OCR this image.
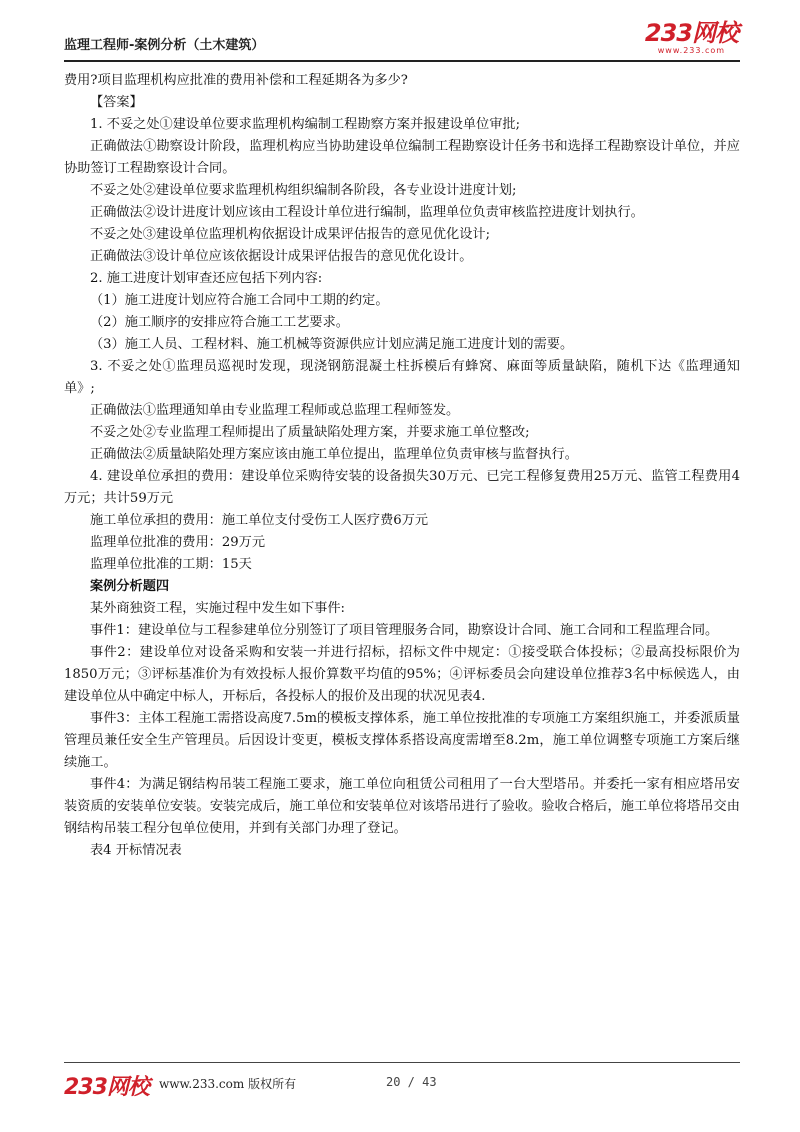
监理工程师-案例分析（土木建筑）	233网校
www.233.com

费用?项目监理机构应批准的费用补偿和工程延期各为多少?

【答案】

1. 不妥之处①建设单位要求监理机构编制工程勘察方案并报建设单位审批;

正确做法①勘察设计阶段，监理机构应当协助建设单位编制工程勘察设计任务书和选择工程勘察设计单位，并应协助签订工程勘察设计合同。

不妥之处②建设单位要求监理机构组织编制各阶段，各专业设计进度计划;

正确做法②设计进度计划应该由工程设计单位进行编制，监理单位负责审核监控进度计划执行。

不妥之处③建设单位监理机构依据设计成果评估报告的意见优化设计;

正确做法③设计单位应该依据设计成果评估报告的意见优化设计。

2. 施工进度计划审查还应包括下列内容:

（1）施工进度计划应符合施工合同中工期的约定。

（2）施工顺序的安排应符合施工工艺要求。

（3）施工人员、工程材料、施工机械等资源供应计划应满足施工进度计划的需要。

3. 不妥之处①监理员巡视时发现，现浇钢筋混凝土柱拆模后有蜂窝、麻面等质量缺陷，随机下达《监理通知单》;

正确做法①监理通知单由专业监理工程师或总监理工程师签发。

不妥之处②专业监理工程师提出了质量缺陷处理方案，并要求施工单位整改;

正确做法②质量缺陷处理方案应该由施工单位提出，监理单位负责审核与监督执行。

4. 建设单位承担的费用：建设单位采购待安装的设备损失30万元、已完工程修复费用25万元、监管工程费用4万元；共计59万元

施工单位承担的费用：施工单位支付受伤工人医疗费6万元

监理单位批准的费用：29万元

监理单位批准的工期：15天

案例分析题四

某外商独资工程，实施过程中发生如下事件:

事件1：建设单位与工程参建单位分别签订了项目管理服务合同，勘察设计合同、施工合同和工程监理合同。

事件2：建设单位对设备采购和安装一并进行招标，招标文件中规定：①接受联合体投标；②最高投标限价为1850万元；③评标基准价为有效投标人报价算数平均值的95%；④评标委员会向建设单位推荐3名中标候选人，由建设单位从中确定中标人，开标后，各投标人的报价及出现的状况见表4.

事件3：主体工程施工需搭设高度7.5m的模板支撑体系，施工单位按批准的专项施工方案组织施工，并委派质量管理员兼任安全生产管理员。后因设计变更，模板支撑体系搭设高度需增至8.2m，施工单位调整专项施工方案后继续施工。

事件4：为满足钢结构吊装工程施工要求，施工单位向租赁公司租用了一台大型塔吊。并委托一家有相应塔吊安装资质的安装单位安装。安装完成后，施工单位和安装单位对该塔吊进行了验收。验收合格后，施工单位将塔吊交由钢结构吊装工程分包单位使用，并到有关部门办理了登记。

表4 开标情况表

233网校 www.233.com 版权所有	20 / 43
